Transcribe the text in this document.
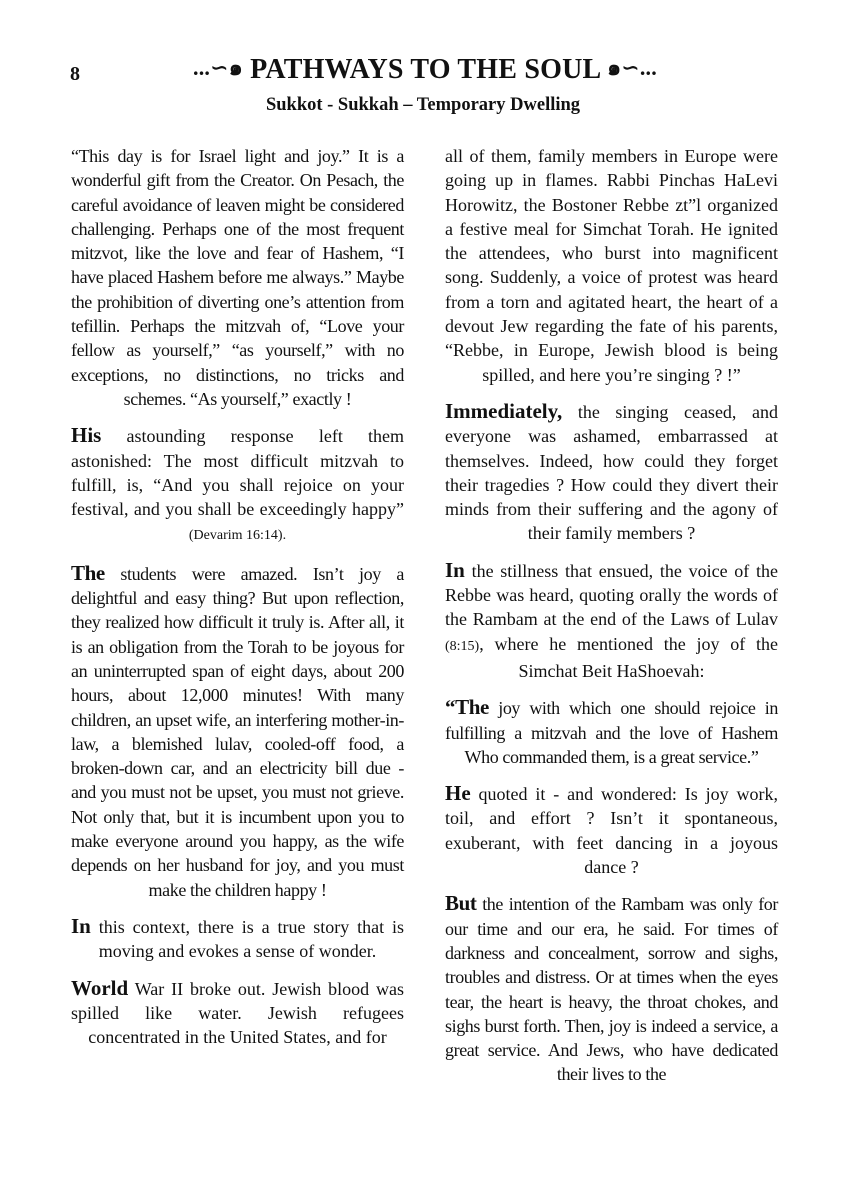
8	...∽๑ PATHWAYS TO THE SOUL ๑∽...
Sukkot - Sukkah – Temporary Dwelling

“This day is for Israel light and joy.” It is a wonderful gift from the Creator. On Pesach, the careful avoidance of leaven might be considered challenging. Perhaps one of the most frequent mitzvot, like the love and fear of Hashem, “I have placed Hashem before me always.” Maybe the prohibition of diverting one’s attention from tefillin. Perhaps the mitzvah of, “Love your fellow as yourself,” “as yourself,” with no exceptions, no distinctions, no tricks and schemes. “As yourself,” exactly !

His astounding response left them astonished: The most difficult mitzvah to fulfill, is, “And you shall rejoice on your festival, and you shall be exceedingly happy” (Devarim 16:14).

The students were amazed. Isn’t joy a delightful and easy thing? But upon reflection, they realized how difficult it truly is. After all, it is an obligation from the Torah to be joyous for an uninterrupted span of eight days, about 200 hours, about 12,000 minutes! With many children, an upset wife, an interfering mother-in-law, a blemished lulav, cooled-off food, a broken-down car, and an electricity bill due - and you must not be upset, you must not grieve. Not only that, but it is incumbent upon you to make everyone around you happy, as the wife depends on her husband for joy, and you must make the children happy !

In this context, there is a true story that is moving and evokes a sense of wonder.

World War II broke out. Jewish blood was spilled like water. Jewish refugees concentrated in the United States, and for

all of them, family members in Europe were going up in flames. Rabbi Pinchas HaLevi Horowitz, the Bostoner Rebbe zt”l organized a festive meal for Simchat Torah. He ignited the attendees, who burst into magnificent song. Suddenly, a voice of protest was heard from a torn and agitated heart, the heart of a devout Jew regarding the fate of his parents, “Rebbe, in Europe, Jewish blood is being spilled, and here you’re singing ? !”

Immediately, the singing ceased, and everyone was ashamed, embarrassed at themselves. Indeed, how could they forget their tragedies ? How could they divert their minds from their suffering and the agony of their family members ?

In the stillness that ensued, the voice of the Rebbe was heard, quoting orally the words of the Rambam at the end of the Laws of Lulav (8:15), where he mentioned the joy of the Simchat Beit HaShoevah:

“The joy with which one should rejoice in fulfilling a mitzvah and the love of Hashem Who commanded them, is a great service.”

He quoted it - and wondered: Is joy work, toil, and effort ? Isn’t it spontaneous, exuberant, with feet dancing in a joyous dance ?

But the intention of the Rambam was only for our time and our era, he said. For times of darkness and concealment, sorrow and sighs, troubles and distress. Or at times when the eyes tear, the heart is heavy, the throat chokes, and sighs burst forth. Then, joy is indeed a service, a great service. And Jews, who have dedicated their lives to the
